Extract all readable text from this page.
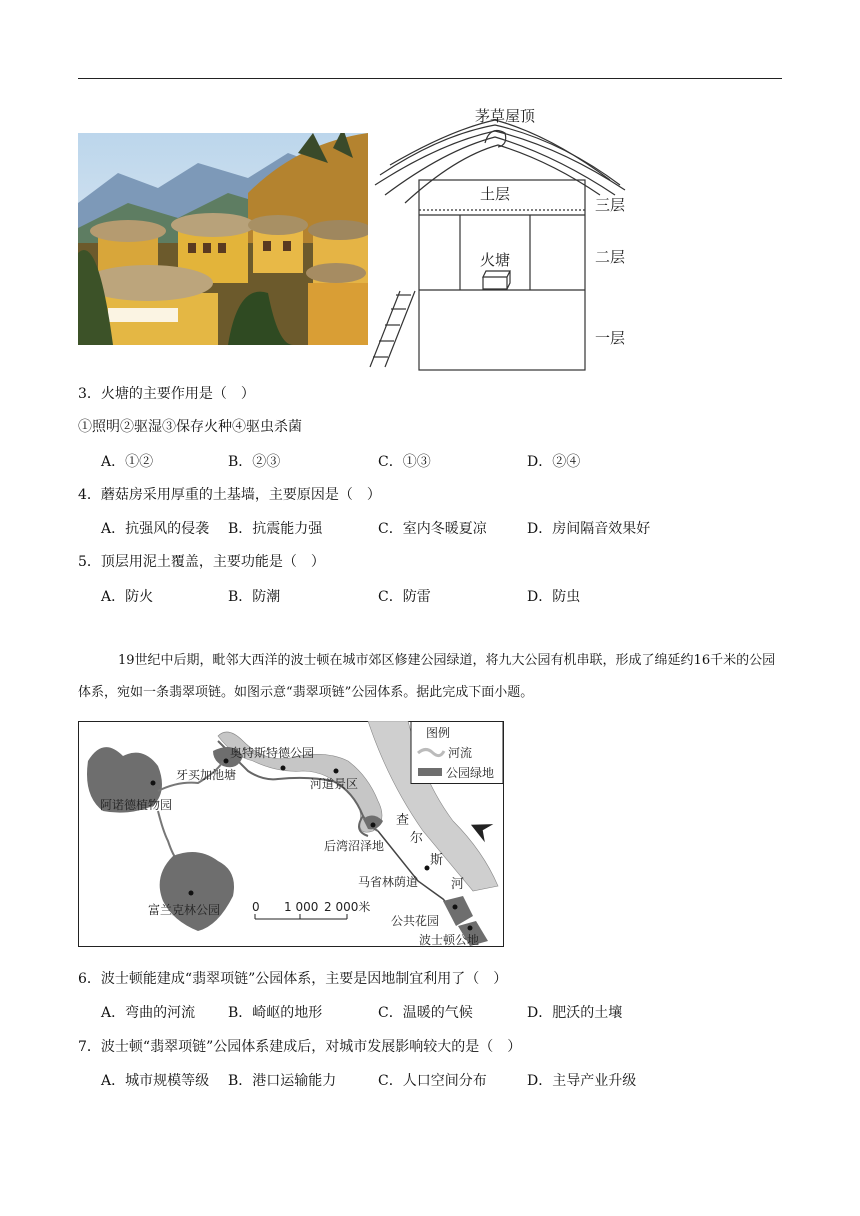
茅草屋顶
土层
火塘
三层
二层
一层
3．火塘的主要作用是（　）
①照明②驱湿③保存火种④驱虫杀菌
A．①②	B．②③	C．①③	D．②④
4．蘑菇房采用厚重的土基墙，主要原因是（　）
A．抗强风的侵袭 B．抗震能力强	C．室内冬暖夏凉	D．房间隔音效果好
5．顶层用泥土覆盖，主要功能是（　）
A．防火	B．防潮	C．防雷	D．防虫
19世纪中后期，毗邻大西洋的波士顿在城市郊区修建公园绿道，将九大公园有机串联，形成了绵延约16千米的公园体系，宛如一条翡翠项链。如图示意“翡翠项链”公园体系。据此完成下面小题。
图例
河流
公园绿地
查
尔
斯
河
奥特斯特德公园
牙买加池塘
阿诺德植物园
河道景区
后湾沼泽地
富兰克林公园
马省林荫道
公共花园
波士顿公地
0 1 000 2 000米
6．波士顿能建成“翡翠项链”公园体系，主要是因地制宜利用了（　）
A．弯曲的河流 B．崎岖的地形	C．温暖的气候	D．肥沃的土壤
7．波士顿“翡翠项链”公园体系建成后，对城市发展影响较大的是（　）
A．城市规模等级 B．港口运输能力	C．人口空间分布	D．主导产业升级
